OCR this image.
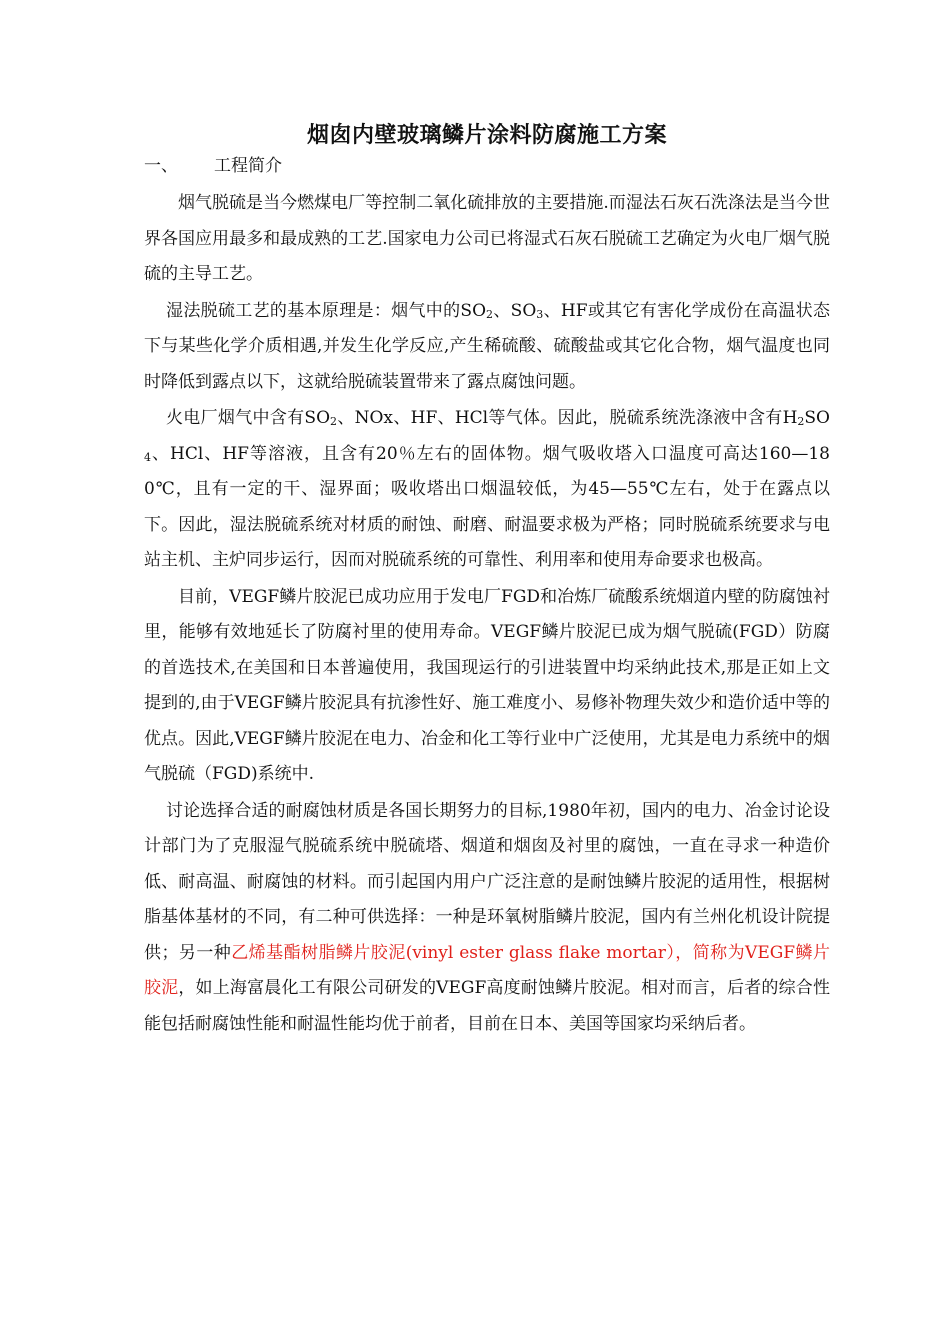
烟囱内壁玻璃鳞片涂料防腐施工方案
一、	工程简介

烟气脱硫是当今燃煤电厂等控制二氧化硫排放的主要措施.而湿法石灰石洗涤法是当今世界各国应用最多和最成熟的工艺.国家电力公司已将湿式石灰石脱硫工艺确定为火电厂烟气脱硫的主导工艺。

湿法脱硫工艺的基本原理是：烟气中的$SO_2$、$SO_3$、HF或其它有害化学成份在高温状态下与某些化学介质相遇,并发生化学反应,产生稀硫酸、硫酸盐或其它化合物，烟气温度也同时降低到露点以下，这就给脱硫装置带来了露点腐蚀问题。

火电厂烟气中含有$SO_2$、NOx、HF、HCl等气体。因此，脱硫系统洗涤液中含有$H_2SO_4$、HCl、HF等溶液，且含有20％左右的固体物。烟气吸收塔入口温度可高达160—180℃，且有一定的干、湿界面；吸收塔出口烟温较低，为45—55℃左右，处于在露点以下。因此，湿法脱硫系统对材质的耐蚀、耐磨、耐温要求极为严格；同时脱硫系统要求与电站主机、主炉同步运行，因而对脱硫系统的可靠性、利用率和使用寿命要求也极高。

目前，VEGF鳞片胶泥已成功应用于发电厂FGD和冶炼厂硫酸系统烟道内壁的防腐蚀衬里，能够有效地延长了防腐衬里的使用寿命。VEGF鳞片胶泥已成为烟气脱硫(FGD）防腐的首选技术,在美国和日本普遍使用，我国现运行的引进装置中均采纳此技术,那是正如上文提到的,由于VEGF鳞片胶泥具有抗渗性好、施工难度小、易修补物理失效少和造价适中等的优点。因此,VEGF鳞片胶泥在电力、冶金和化工等行业中广泛使用，尤其是电力系统中的烟气脱硫（FGD)系统中.

讨论选择合适的耐腐蚀材质是各国长期努力的目标,1980年初，国内的电力、冶金讨论设计部门为了克服湿气脱硫系统中脱硫塔、烟道和烟囱及衬里的腐蚀，一直在寻求一种造价低、耐高温、耐腐蚀的材料。而引起国内用户广泛注意的是耐蚀鳞片胶泥的适用性，根据树脂基体基材的不同，有二种可供选择：一种是环氧树脂鳞片胶泥，国内有兰州化机设计院提供；另一种乙烯基酯树脂鳞片胶泥(vinyl ester glass flake mortar），简称为VEGF鳞片胶泥，如上海富晨化工有限公司研发的VEGF高度耐蚀鳞片胶泥。相对而言，后者的综合性能包括耐腐蚀性能和耐温性能均优于前者，目前在日本、美国等国家均采纳后者。
